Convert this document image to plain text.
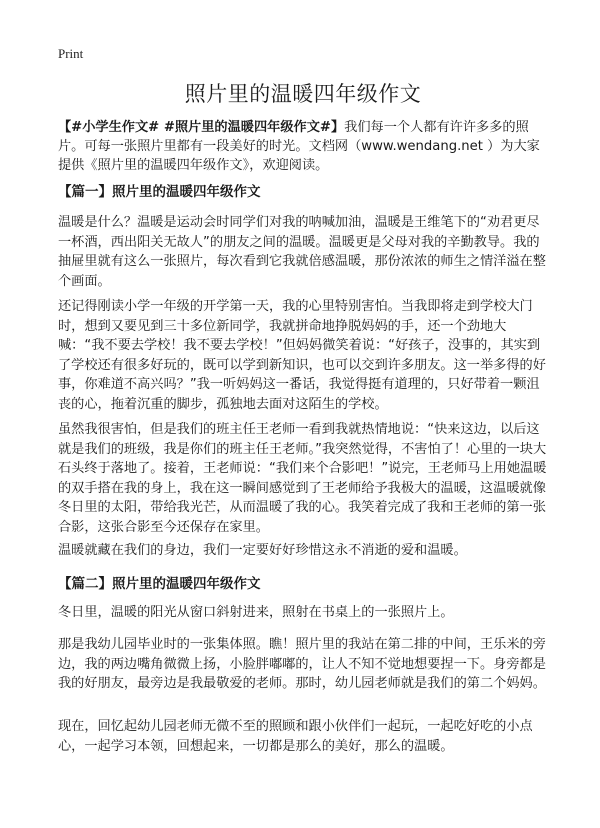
Print
照片里的温暖四年级作文

【#小学生作文# #照片里的温暖四年级作文#】我们每一个人都有许许多多的照片。可每一张照片里都有一段美好的时光。文档网（www.wendang.net ）为大家提供《照片里的温暖四年级作文》，欢迎阅读。

【篇一】照片里的温暖四年级作文

温暖是什么？温暖是运动会时同学们对我的呐喊加油，温暖是王维笔下的“劝君更尽一杯酒，西出阳关无故人”的朋友之间的温暖。温暖更是父母对我的辛勤教导。我的抽屉里就有这么一张照片，每次看到它我就倍感温暖，那份浓浓的师生之情洋溢在整个画面。

还记得刚读小学一年级的开学第一天，我的心里特别害怕。当我即将走到学校大门时，想到又要见到三十多位新同学，我就拼命地挣脱妈妈的手，还一个劲地大喊：“我不要去学校！我不要去学校！”但妈妈微笑着说：“好孩子，没事的，其实到了学校还有很多好玩的，既可以学到新知识，也可以交到许多朋友。这一举多得的好事，你难道不高兴吗？”我一听妈妈这一番话，我觉得挺有道理的，只好带着一颗沮丧的心，拖着沉重的脚步，孤独地去面对这陌生的学校。

虽然我很害怕，但是我们的班主任王老师一看到我就热情地说：“快来这边，以后这就是我们的班级，我是你们的班主任王老师。”我突然觉得，不害怕了！心里的一块大石头终于落地了。接着，王老师说：“我们来个合影吧！”说完，王老师马上用她温暖的双手搭在我的身上，我在这一瞬间感觉到了王老师给予我极大的温暖，这温暖就像冬日里的太阳，带给我光芒，从而温暖了我的心。我笑着完成了我和王老师的第一张合影，这张合影至今还保存在家里。

温暖就藏在我们的身边，我们一定要好好珍惜这永不消逝的爱和温暖。

【篇二】照片里的温暖四年级作文

冬日里，温暖的阳光从窗口斜射进来，照射在书桌上的一张照片上。

那是我幼儿园毕业时的一张集体照。瞧！照片里的我站在第二排的中间，王乐米的旁边，我的两边嘴角微微上扬，小脸胖嘟嘟的，让人不知不觉地想要捏一下。身旁都是我的好朋友，最旁边是我最敬爱的老师。那时，幼儿园老师就是我们的第二个妈妈。

现在，回忆起幼儿园老师无微不至的照顾和跟小伙伴们一起玩，一起吃好吃的小点心，一起学习本领，回想起来，一切都是那么的美好，那么的温暖。
